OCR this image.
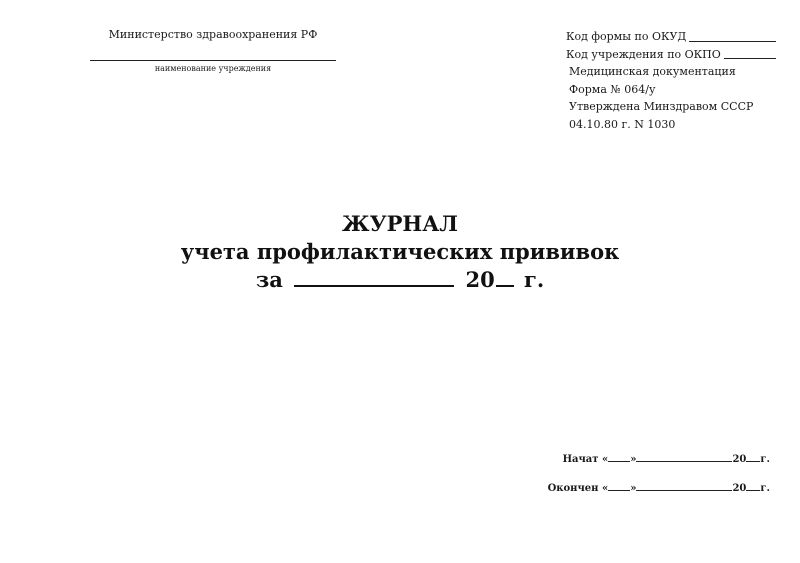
Министерство здравоохранения РФ
наименование учреждения
Код формы по ОКУД
Код учреждения по ОКПО
Медицинская документация
Форма № 064/у
Утверждена Минздравом СССР
04.10.80 г. N 1030
ЖУРНАЛ
учета профилактических прививок
за	20 г.
Начат « »	20 г.
Окончен « »	20 г.
